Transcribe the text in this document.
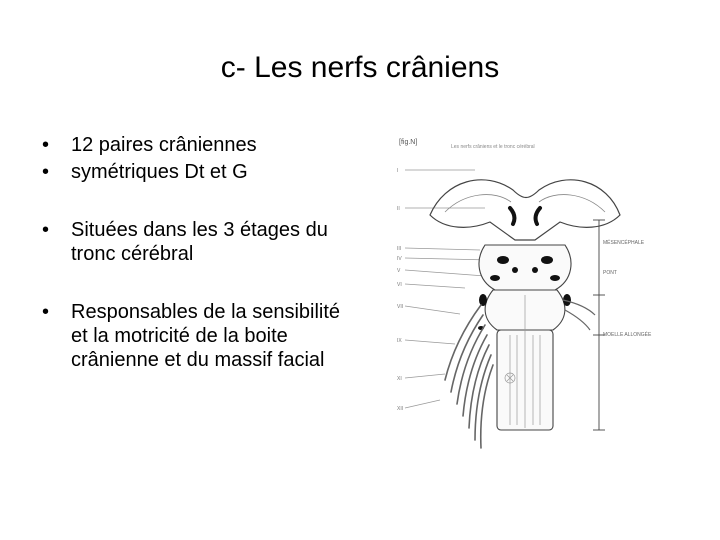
c- Les nerfs crâniens
• 12 paires crâniennes
• symétriques Dt et G
• Situées dans les 3 étages du tronc cérébral
• Responsables de la sensibilité et la motricité de la boite crânienne et du massif facial
[fig.N]
Les nerfs crâniens et le tronc cérébral
I
II
III
IV
V
VI
VII
IX
XI
XII
MÉSENCÉPHALE
PONT
MOELLE ALLONGÉE
